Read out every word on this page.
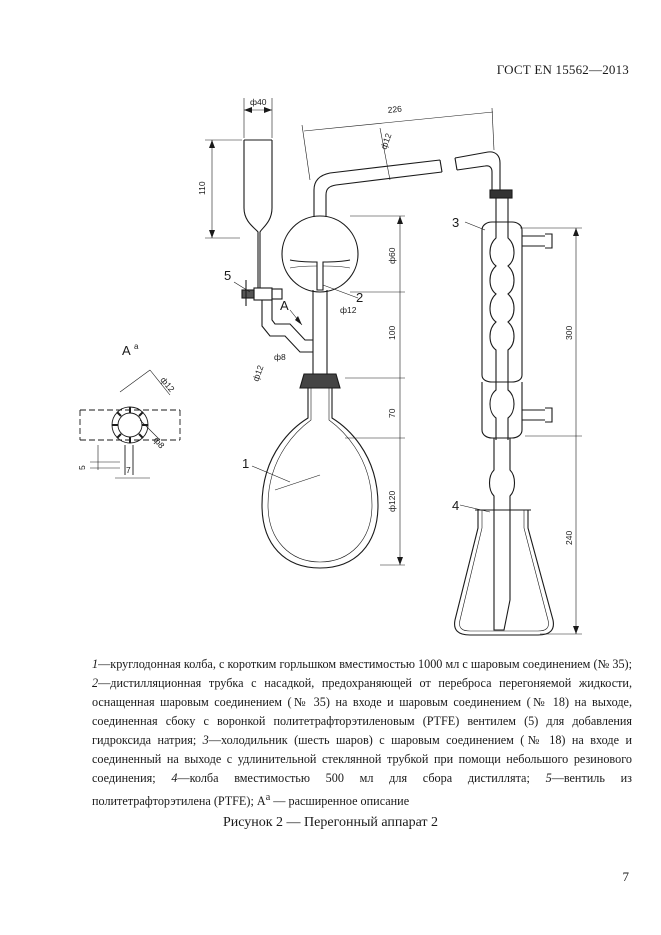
ГОСТ EN 15562—2013
ф40
110
226
ф12
ф60
ф12
100
ф8
ф12
70
ф120
300
240
ф12
ф8
5	7	1
2
3
4
5
А
А а
1—круглодонная колба, с коротким горльшком вместимостью 1000 мл с шаровым соединением (№ 35); 2—дистилляционная трубка с насадкой, предохраняющей от переброса перегоняемой жидкости, оснащенная шаровым соединением (№ 35) на входе и шаровым соединением (№ 18) на выходе, соединенная сбоку с воронкой политетрафторэтиленовым (PTFE) вентилем (5) для добавления гидроксида натрия; 3—холодильник (шесть шаров) с шаровым соединением (№ 18) на входе и соединенный на выходе с удлинительной стеклянной трубкой при помощи небольшого резинового соединения; 4—колба вместимостью 500 мл для сбора дистиллята; 5—вентиль из политетрафторэтилена (PTFE); $А^а$ — расширенное описание
Рисунок 2 — Перегонный аппарат 2
7
